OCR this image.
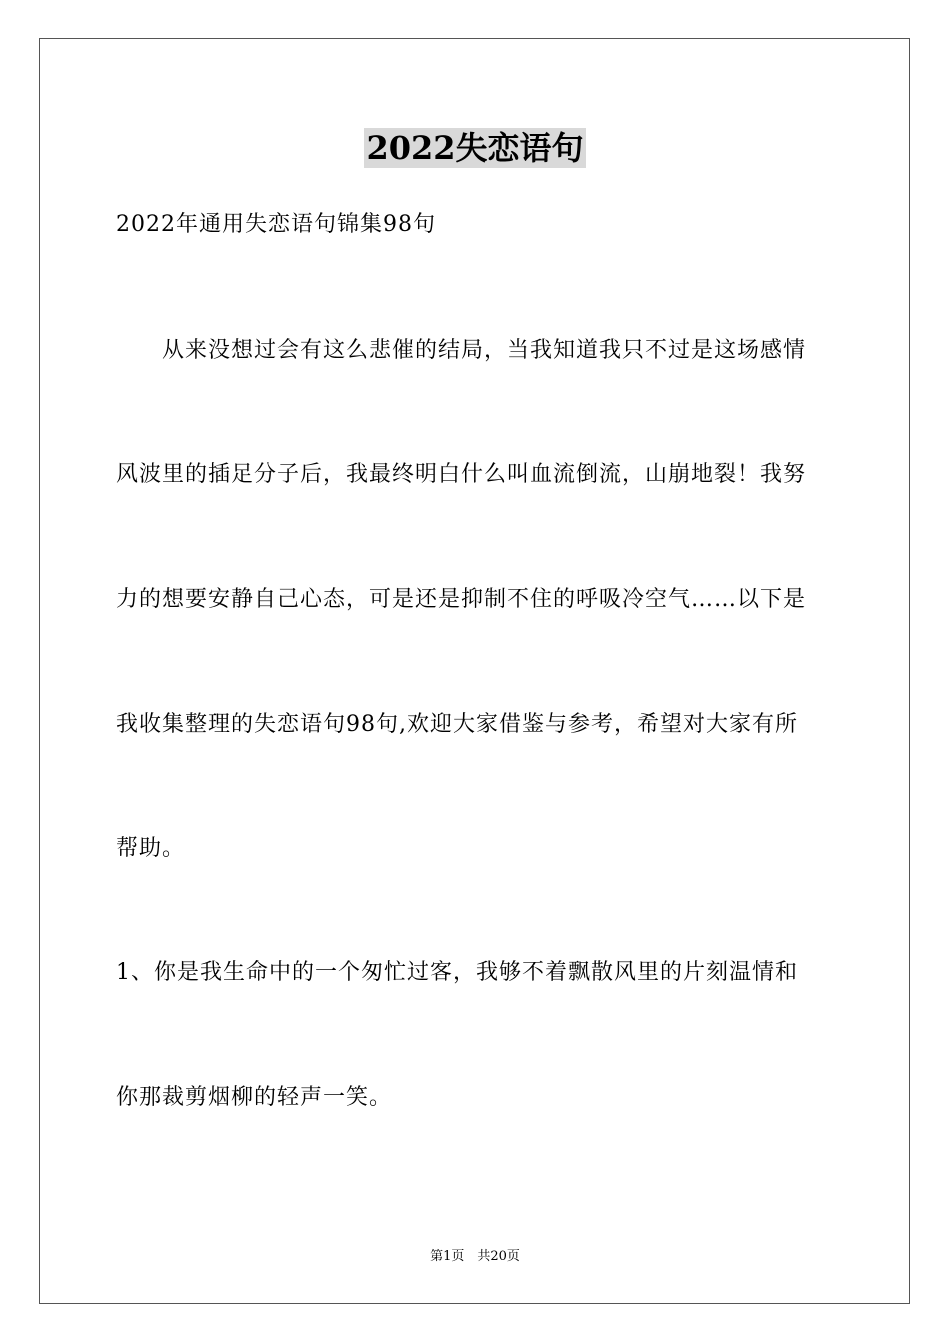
2022失恋语句
2022年通用失恋语句锦集98句
　　从来没想过会有这么悲催的结局，当我知道我只不过是这场感情
风波里的插足分子后，我最终明白什么叫血流倒流，山崩地裂！我努
力的想要安静自己心态，可是还是抑制不住的呼吸冷空气……以下是
我收集整理的失恋语句98句,欢迎大家借鉴与参考，希望对大家有所
帮助。
1、你是我生命中的一个匆忙过客，我够不着飘散风里的片刻温情和
你那裁剪烟柳的轻声一笑。
第1页　共20页
